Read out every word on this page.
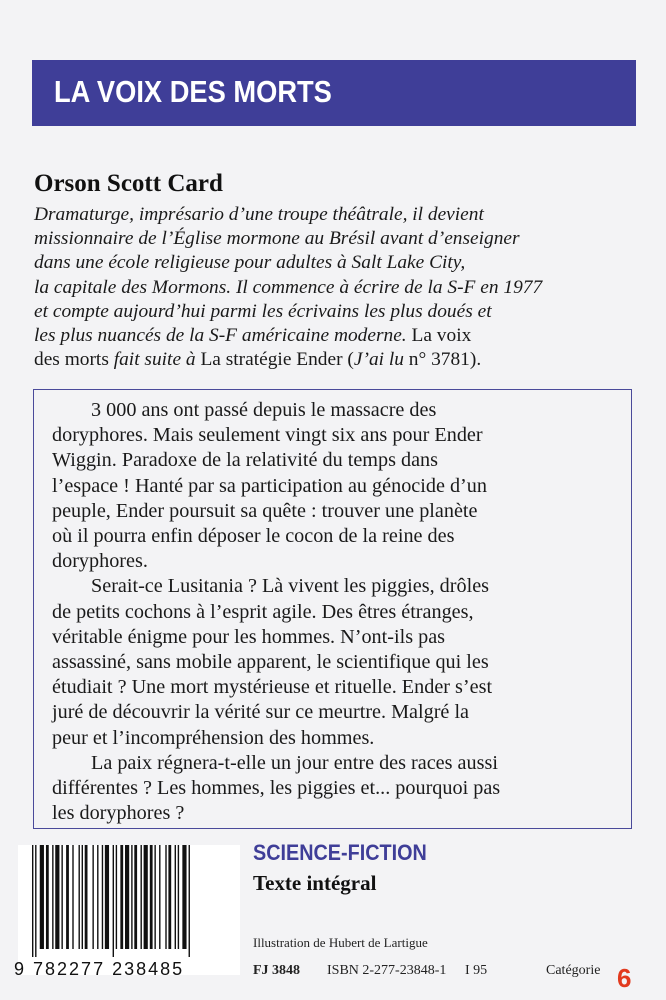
LA VOIX DES MORTS
Orson Scott Card
Dramaturge, imprésario d’une troupe théâtrale, il devient
missionnaire de l’Église mormone au Brésil avant d’enseigner
dans une école religieuse pour adultes à Salt Lake City,
la capitale des Mormons. Il commence à écrire de la S-F en 1977
et compte aujourd’hui parmi les écrivains les plus doués et
les plus nuancés de la S-F américaine moderne. La voix
des morts fait suite à La stratégie Ender (J’ai lu n° 3781).
3 000 ans ont passé depuis le massacre des
doryphores. Mais seulement vingt six ans pour Ender
Wiggin. Paradoxe de la relativité du temps dans
l’espace ! Hanté par sa participation au génocide d’un
peuple, Ender poursuit sa quête : trouver une planète
où il pourra enfin déposer le cocon de la reine des
doryphores.
Serait-ce Lusitania ? Là vivent les piggies, drôles
de petits cochons à l’esprit agile. Des êtres étranges,
véritable énigme pour les hommes. N’ont-ils pas
assassiné, sans mobile apparent, le scientifique qui les
étudiait ? Une mort mystérieuse et rituelle. Ender s’est
juré de découvrir la vérité sur ce meurtre. Malgré la
peur et l’incompréhension des hommes.
La paix régnera-t-elle un jour entre des races aussi
différentes ? Les hommes, les piggies et... pourquoi pas
les doryphores ?
9 782277 238485
SCIENCE-FICTION
Texte intégral
Illustration de Hubert de Lartigue
FJ 3848 ISBN 2-277-23848-1 I 95	Catégorie 6
